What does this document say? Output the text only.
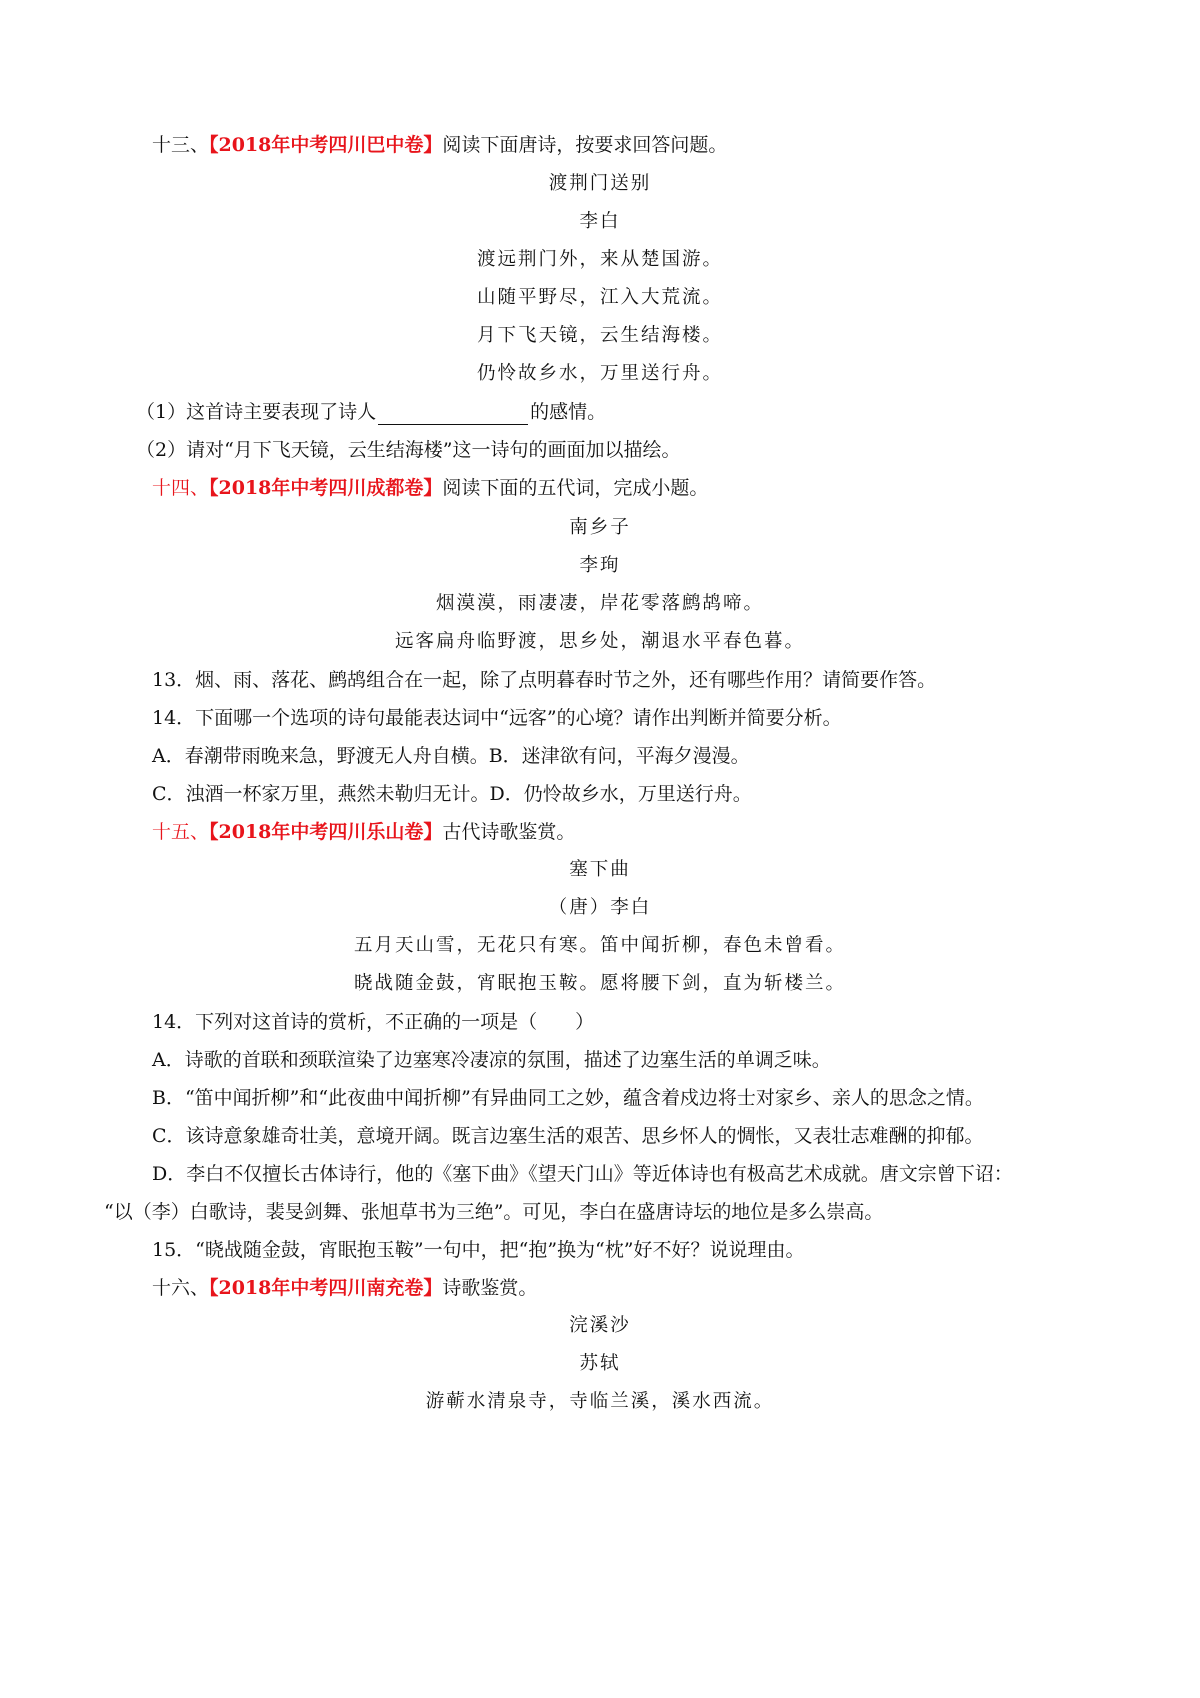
十三、【2018年中考四川巴中卷】阅读下面唐诗，按要求回答问题。
渡荆门送别
李白
渡远荆门外，来从楚国游。
山随平野尽，江入大荒流。
月下飞天镜，云生结海楼。
仍怜故乡水，万里送行舟。
（1）这首诗主要表现了诗人	的感情。
（2）请对“月下飞天镜，云生结海楼”这一诗句的画面加以描绘。
十四、【2018年中考四川成都卷】阅读下面的五代词，完成小题。
南乡子
李珣
烟漠漠，雨凄凄，岸花零落鹧鸪啼。
远客扁舟临野渡，思乡处，潮退水平春色暮。
13．烟、雨、落花、鹧鸪组合在一起，除了点明暮春时节之外，还有哪些作用？请简要作答。
14．下面哪一个选项的诗句最能表达词中“远客”的心境？请作出判断并简要分析。
A．春潮带雨晚来急，野渡无人舟自横。B．迷津欲有问，平海夕漫漫。
C．浊酒一杯家万里，燕然未勒归无计。D．仍怜故乡水，万里送行舟。
十五、【2018年中考四川乐山卷】古代诗歌鉴赏。
塞下曲
（唐）李白
五月天山雪，无花只有寒。笛中闻折柳，春色未曾看。
晓战随金鼓，宵眠抱玉鞍。愿将腰下剑，直为斩楼兰。
14．下列对这首诗的赏析，不正确的一项是（　　）
A．诗歌的首联和颈联渲染了边塞寒冷凄凉的氛围，描述了边塞生活的单调乏味。
B．“笛中闻折柳”和“此夜曲中闻折柳”有异曲同工之妙，蕴含着戍边将士对家乡、亲人的思念之情。
C．该诗意象雄奇壮美，意境开阔。既言边塞生活的艰苦、思乡怀人的惆怅，又表壮志难酬的抑郁。
D．李白不仅擅长古体诗行，他的《塞下曲》《望天门山》等近体诗也有极高艺术成就。唐文宗曾下诏：
“以（李）白歌诗，裴旻剑舞、张旭草书为三绝”。可见，李白在盛唐诗坛的地位是多么崇高。
15．“晓战随金鼓，宵眠抱玉鞍”一句中，把“抱”换为“枕”好不好？说说理由。
十六、【2018年中考四川南充卷】诗歌鉴赏。
浣溪沙
苏轼
游蕲水清泉寺，寺临兰溪，溪水西流。
